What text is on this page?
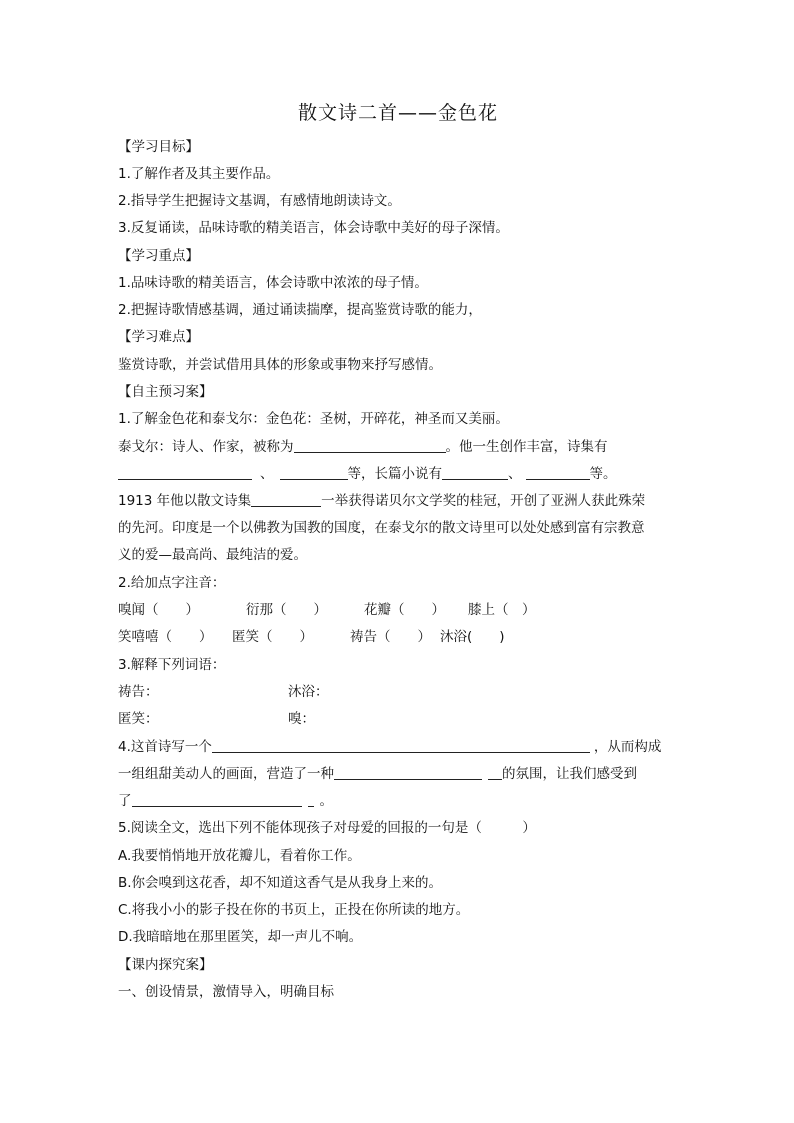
散文诗二首——金色花
【学习目标】
1.了解作者及其主要作品。
2.指导学生把握诗文基调，有感情地朗读诗文。
3.反复诵读，品味诗歌的精美语言，体会诗歌中美好的母子深情。
【学习重点】
1.品味诗歌的精美语言，体会诗歌中浓浓的母子情。
2.把握诗歌情感基调，通过诵读揣摩，提高鉴赏诗歌的能力，
【学习难点】
鉴赏诗歌，并尝试借用具体的形象或事物来抒写感情。
【自主预习案】
1.了解金色花和泰戈尔：金色花：圣树，开碎花，神圣而又美丽。
泰戈尔：诗人、作家，被称为	。他一生创作丰富，诗集有
、	等，长篇小说有	、	等。
1913 年他以散文诗集	一举获得诺贝尔文学奖的桂冠，开创了亚洲人获此殊荣
的先河。印度是一个以佛教为国教的国度，在泰戈尔的散文诗里可以处处感到富有宗教意
义的爱—最高尚、最纯洁的爱。
2.给加点字注音：
嗅闻（　　）	衍那（　　）	花瓣（　　） 膝上（　）
笑嘻嘻（　　） 匿笑（　　）	祷告（　　） 沐浴(　　)
3.解释下列词语：
祷告：	沐浴：
匿笑：	嗅：
4.这首诗写一个	，从而构成
一组组甜美动人的画面，营造了一种	的氛围，让我们感受到
了	。
5.阅读全文，选出下列不能体现孩子对母爱的回报的一句是（　　　）
A.我要悄悄地开放花瓣儿，看着你工作。
B.你会嗅到这花香，却不知道这香气是从我身上来的。
C.将我小小的影子投在你的书页上，正投在你所读的地方。
D.我暗暗地在那里匿笑，却一声儿不响。
【课内探究案】
一、创设情景，激情导入，明确目标
